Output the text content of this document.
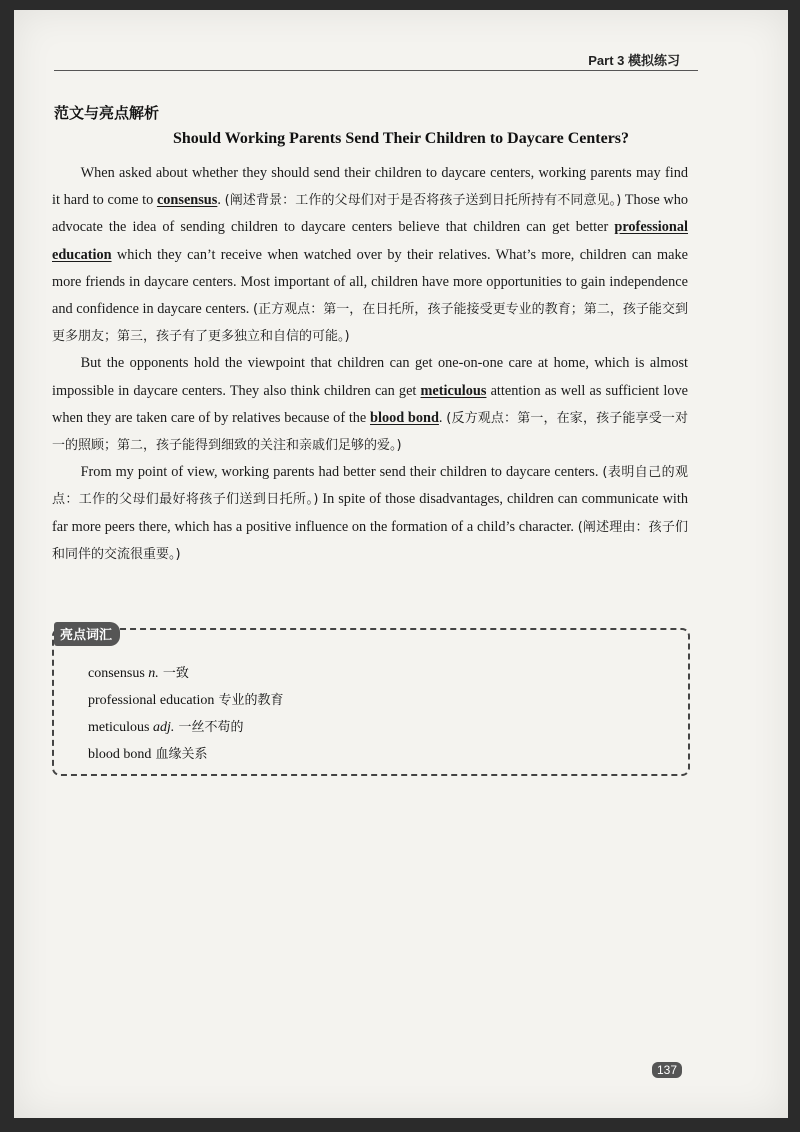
Part 3 模拟练习
范文与亮点解析
Should Working Parents Send Their Children to Daycare Centers?

When asked about whether they should send their children to daycare centers, working parents may find it hard to come to consensus. (阐述背景：工作的父母们对于是否将孩子送到日托所持有不同意见。) Those who advocate the idea of sending children to daycare centers believe that children can get better professional education which they can’t receive when watched over by their relatives. What’s more, children can make more friends in daycare centers. Most important of all, children have more opportunities to gain independence and confidence in daycare centers. (正方观点：第一，在日托所，孩子能接受更专业的教育；第二，孩子能交到更多朋友；第三，孩子有了更多独立和自信的可能。)

But the opponents hold the viewpoint that children can get one-on-one care at home, which is almost impossible in daycare centers. They also think children can get meticulous attention as well as sufficient love when they are taken care of by relatives because of the blood bond. (反方观点：第一，在家，孩子能享受一对一的照顾；第二，孩子能得到细致的关注和亲戚们足够的爱。)

From my point of view, working parents had better send their children to daycare centers. (表明自己的观点：工作的父母们最好将孩子们送到日托所。) In spite of those disadvantages, children can communicate with far more peers there, which has a positive influence on the formation of a child’s character. (阐述理由：孩子们和同伴的交流很重要。)

亮点词汇
consensus n. 一致
professional education 专业的教育
meticulous adj. 一丝不苟的
blood bond 血缘关系
137
